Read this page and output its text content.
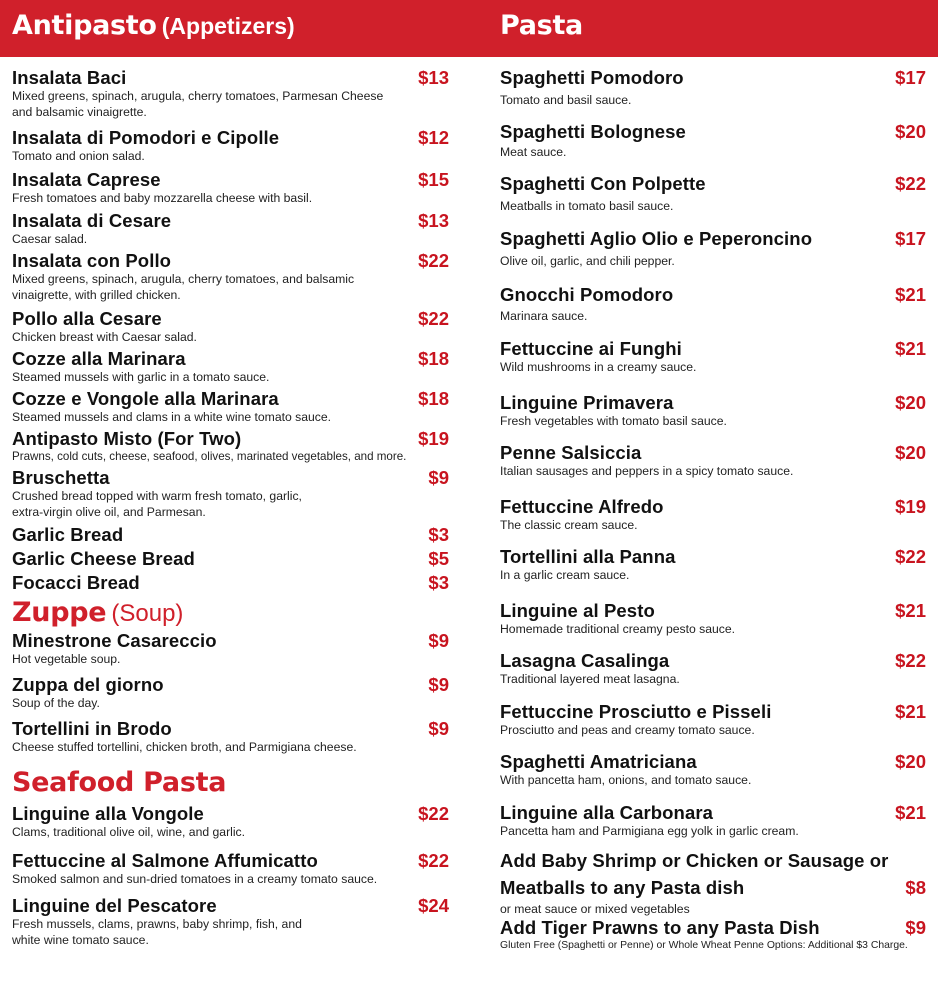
Antipasto (Appetizers)
Insalata Baci	$13
Mixed greens, spinach, arugula, cherry tomatoes, Parmesan Cheese
and balsamic vinaigrette.
Insalata di Pomodori e Cipolle	$12
Tomato and onion salad.
Insalata Caprese	$15
Fresh tomatoes and baby mozzarella cheese with basil.
Insalata di Cesare	$13
Caesar salad.
Insalata con Pollo	$22
Mixed greens, spinach, arugula, cherry tomatoes, and balsamic
vinaigrette, with grilled chicken.
Pollo alla Cesare	$22
Chicken breast with Caesar salad.
Cozze alla Marinara	$18
Steamed mussels with garlic in a tomato sauce.
Cozze e Vongole alla Marinara	$18
Steamed mussels and clams in a white wine tomato sauce.
Antipasto Misto (For Two)	$19
Prawns, cold cuts, cheese, seafood, olives, marinated vegetables, and more.
Bruschetta	$9
Crushed bread topped with warm fresh tomato, garlic,
extra-virgin olive oil, and Parmesan.
Garlic Bread	$3
Garlic Cheese Bread	$5
Focacci Bread	$3
Zuppe (Soup)
Minestrone Casareccio	$9
Hot vegetable soup.
Zuppa del giorno	$9
Soup of the day.
Tortellini in Brodo	$9
Cheese stuffed tortellini, chicken broth, and Parmigiana cheese.
Seafood Pasta
Linguine alla Vongole	$22
Clams, traditional olive oil, wine, and garlic.
Fettuccine al Salmone Affumicatto	$22
Smoked salmon and sun-dried tomatoes in a creamy tomato sauce.
Linguine del Pescatore	$24
Fresh mussels, clams, prawns, baby shrimp, fish, and
white wine tomato sauce.
Pasta
Spaghetti Pomodoro	$17
Tomato and basil sauce.
Spaghetti Bolognese	$20
Meat sauce.
Spaghetti Con Polpette	$22
Meatballs in tomato basil sauce.
Spaghetti Aglio Olio e Peperoncino	$17
Olive oil, garlic, and chili pepper.
Gnocchi Pomodoro	$21
Marinara sauce.
Fettuccine ai Funghi	$21
Wild mushrooms in a creamy sauce.
Linguine Primavera	$20
Fresh vegetables with tomato basil sauce.
Penne Salsiccia	$20
Italian sausages and peppers in a spicy tomato sauce.
Fettuccine Alfredo	$19
The classic cream sauce.
Tortellini alla Panna	$22
In a garlic cream sauce.
Linguine al Pesto	$21
Homemade traditional creamy pesto sauce.
Lasagna Casalinga	$22
Traditional layered meat lasagna.
Fettuccine Prosciutto e Pisseli	$21
Prosciutto and peas and creamy tomato sauce.
Spaghetti Amatriciana	$20
With pancetta ham, onions, and tomato sauce.
Linguine alla Carbonara	$21
Pancetta ham and Parmigiana egg yolk in garlic cream.
Add Baby Shrimp or Chicken or Sausage or
Meatballs to any Pasta dish	$8
or meat sauce or mixed vegetables
Add Tiger Prawns to any Pasta Dish	$9
Gluten Free (Spaghetti or Penne) or Whole Wheat Penne Options: Additional $3 Charge.
